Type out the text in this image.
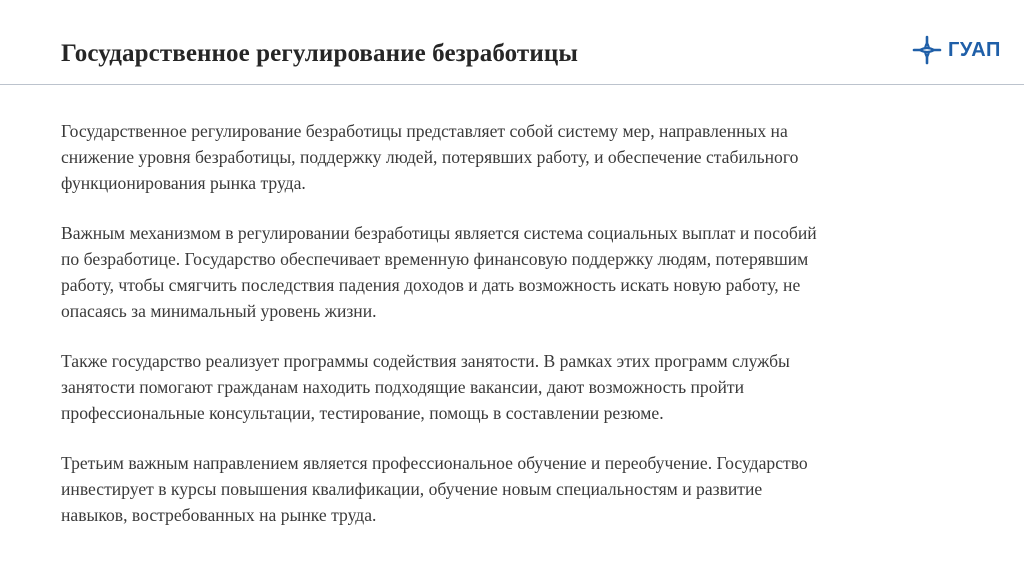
Государственное регулирование безработицы	ГУАП
Государственное регулирование безработицы представляет собой систему мер, направленных на
снижение уровня безработицы, поддержку людей, потерявших работу, и обеспечение стабильного
функционирования рынка труда.
Важным механизмом в регулировании безработицы является система социальных выплат и пособий
по безработице. Государство обеспечивает временную финансовую поддержку людям, потерявшим
работу, чтобы смягчить последствия падения доходов и дать возможность искать новую работу, не
опасаясь за минимальный уровень жизни.
Также государство реализует программы содействия занятости. В рамках этих программ службы
занятости помогают гражданам находить подходящие вакансии, дают возможность пройти
профессиональные консультации, тестирование, помощь в составлении резюме.
Третьим важным направлением является профессиональное обучение и переобучение. Государство
инвестирует в курсы повышения квалификации, обучение новым специальностям и развитие
навыков, востребованных на рынке труда.
